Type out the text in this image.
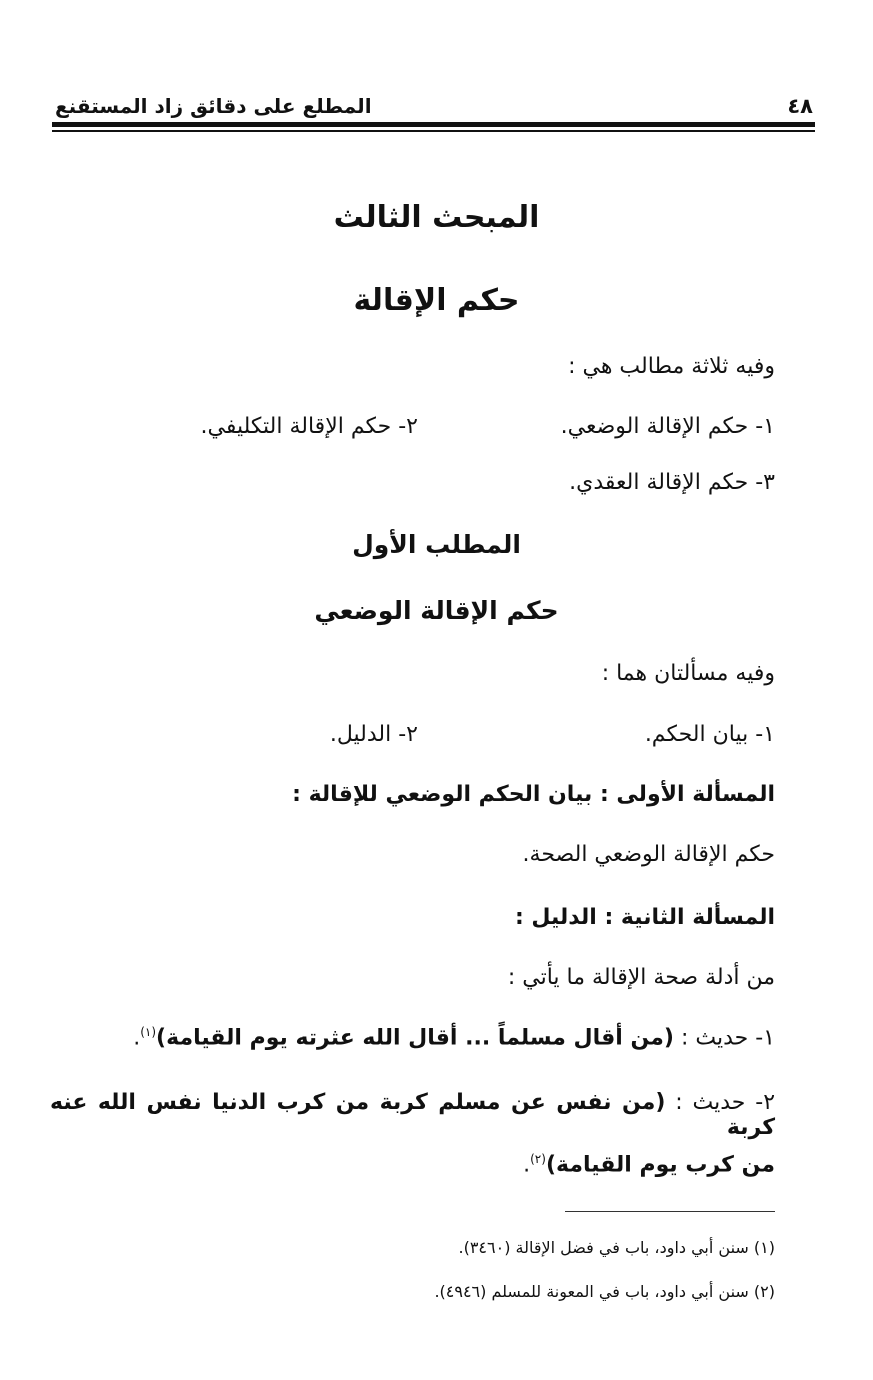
٤٨
المطلع على دقائق زاد المستقنع
المبحث الثالث
حكم الإقالة
وفيه ثلاثة مطالب هي :
١- حكم الإقالة الوضعي.
٢- حكم الإقالة التكليفي.
٣- حكم الإقالة العقدي.
المطلب الأول
حكم الإقالة الوضعي
وفيه مسألتان هما :
١- بيان الحكم.
٢- الدليل.
المسألة الأولى : بيان الحكم الوضعي للإقالة :
حكم الإقالة الوضعي الصحة.
المسألة الثانية : الدليل :
من أدلة صحة الإقالة ما يأتي :
١- حديث : (من أقال مسلماً ... أقال الله عثرته يوم القيامة)$^{(١)}$.
٢- حديث : (من نفس عن مسلم كربة من كرب الدنيا نفس الله عنه كربة
من كرب يوم القيامة)$^{(٢)}$.
(١) سنن أبي داود، باب في فضل الإقالة (٣٤٦٠).
(٢) سنن أبي داود، باب في المعونة للمسلم (٤٩٤٦).
